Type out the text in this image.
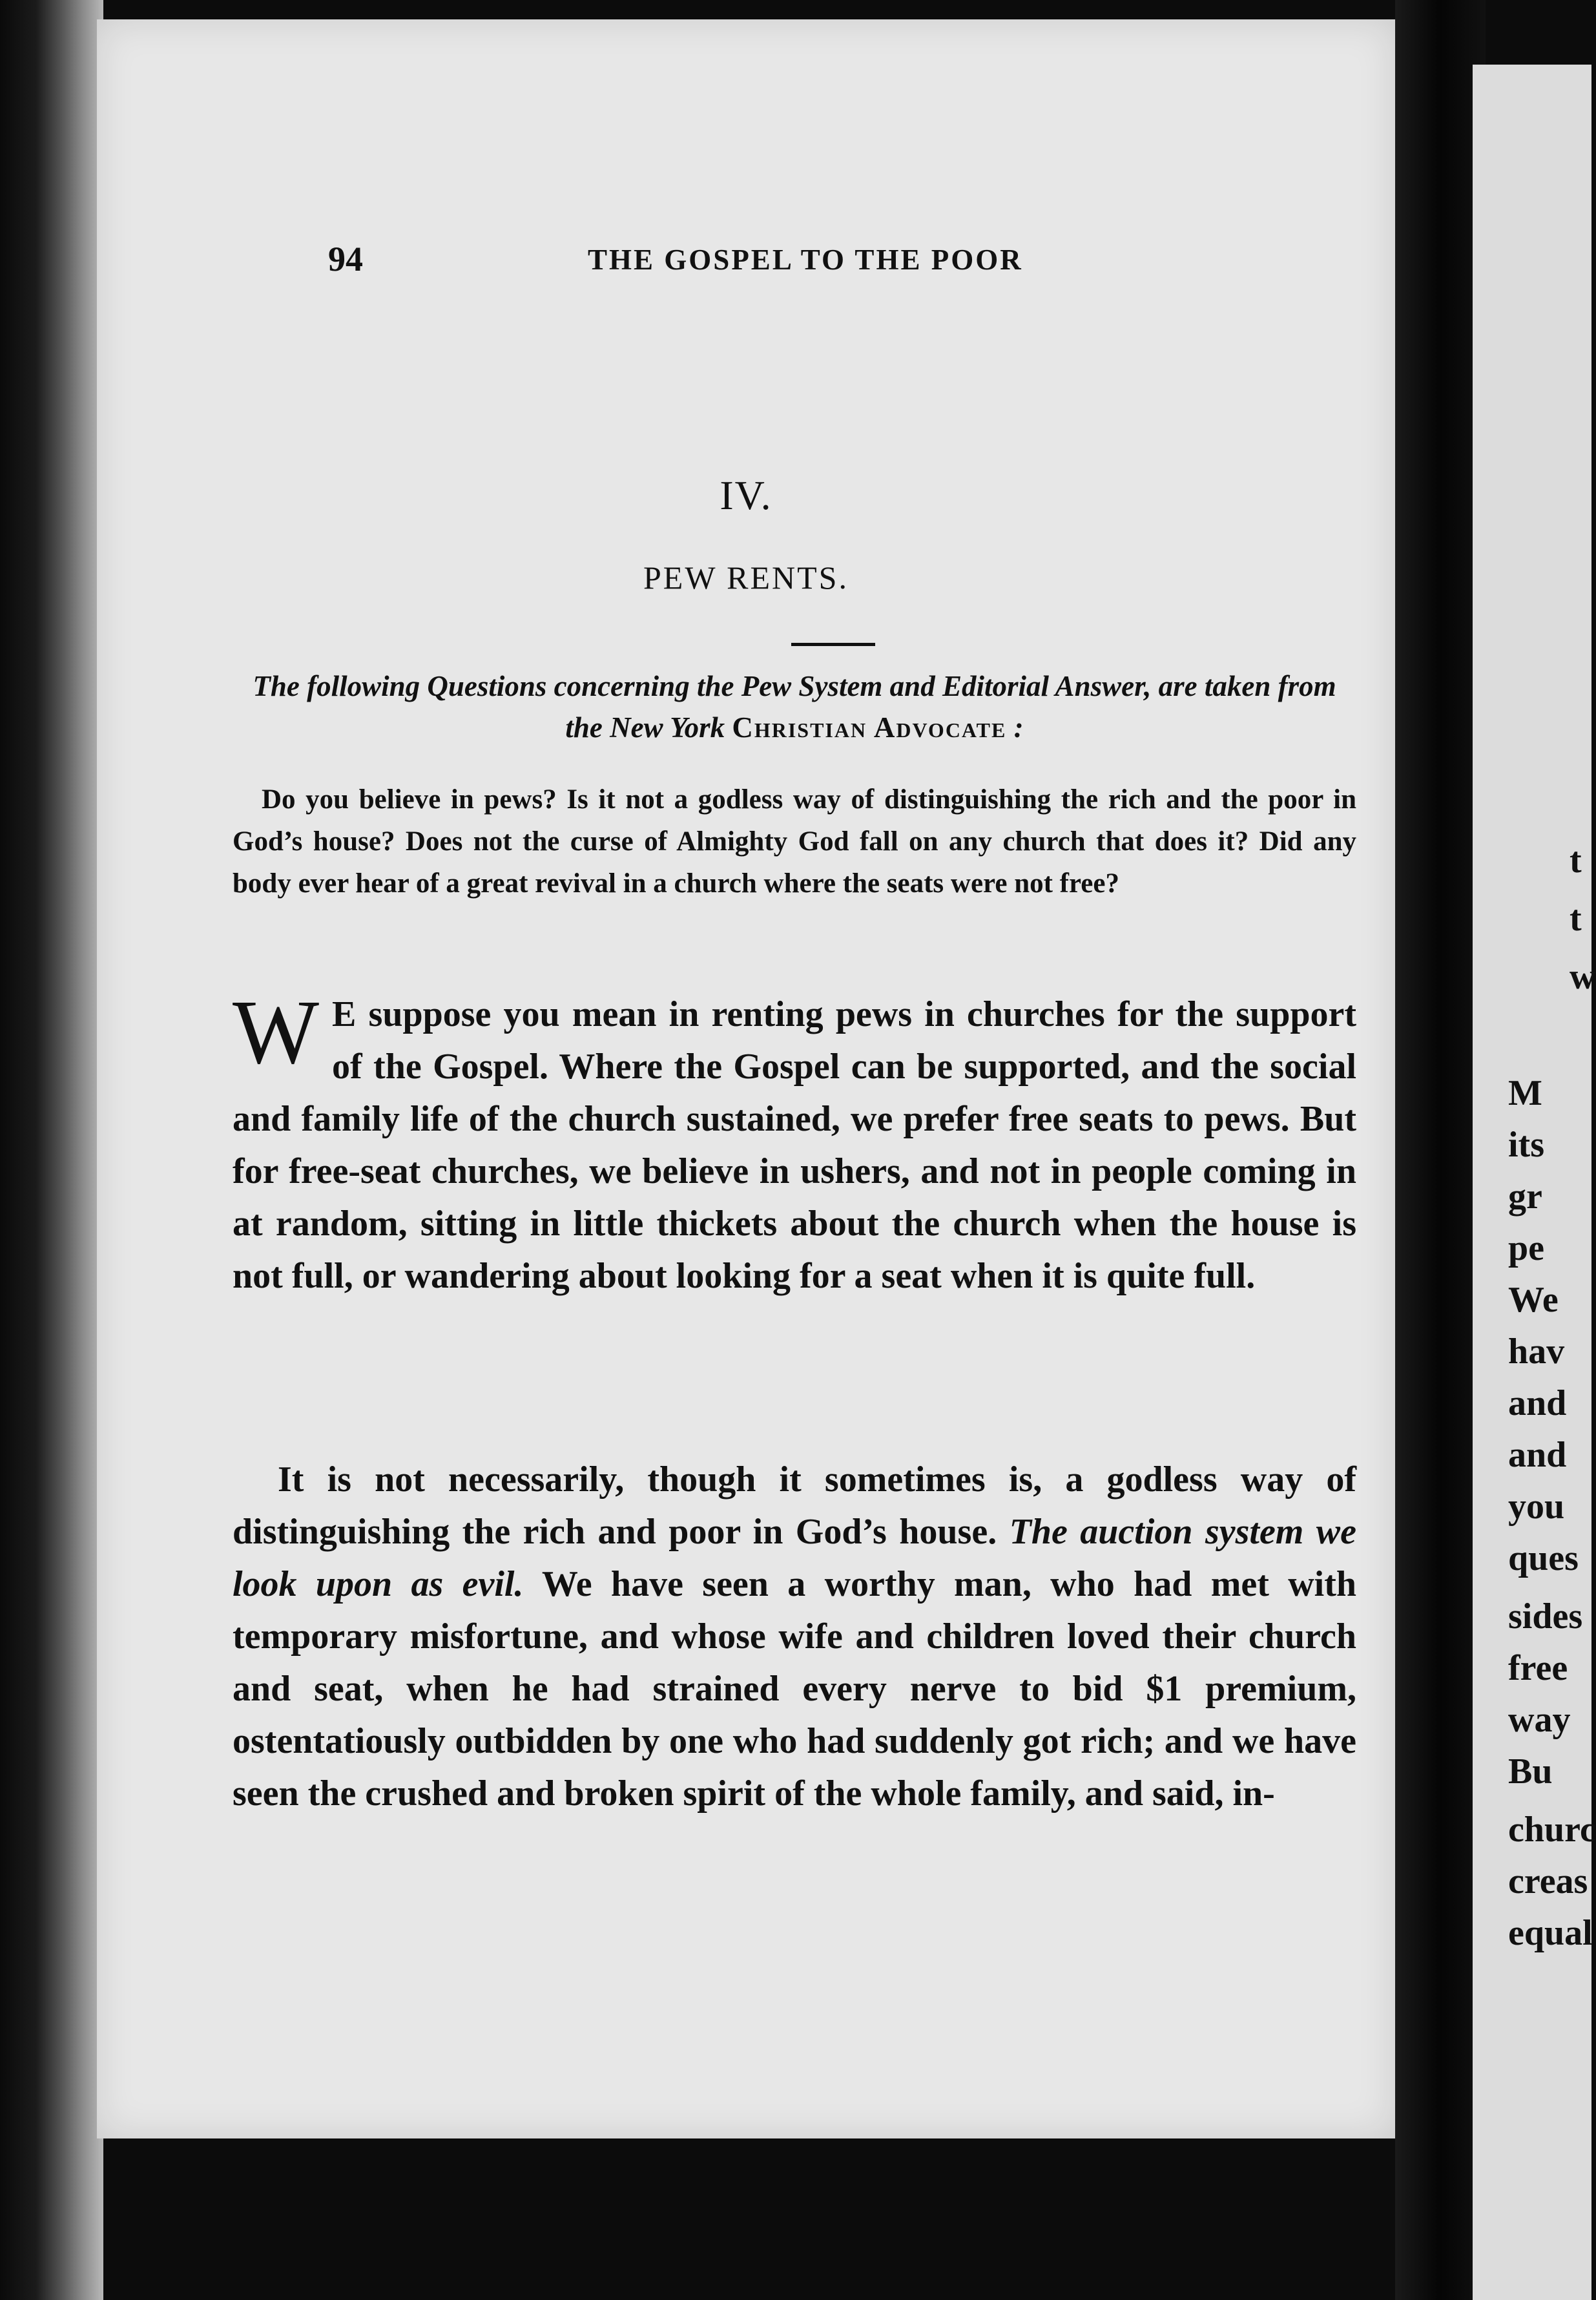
94	THE GOSPEL TO THE POOR
IV.
PEW RENTS.
The following Questions concerning the Pew System and Editorial Answer, are taken from the New York Christian Advocate :
Do you believe in pews? Is it not a godless way of distinguishing the rich and the poor in God’s house? Does not the curse of Almighty God fall on any church that does it? Did any body ever hear of a great revival in a church where the seats were not free?
W E suppose you mean in renting pews in churches for the support of the Gospel. Where the Gospel can be supported, and the social and family life of the church sustained, we prefer free seats to pews. But for free-seat churches, we believe in ushers, and not in people coming in at random, sitting in little thickets about the church when the house is not full, or wandering about looking for a seat when it is quite full.
It is not necessarily, though it sometimes is, a godless way of distinguishing the rich and poor in God’s house. The auction system we look upon as evil. We have seen a worthy man, who had met with temporary misfortune, and whose wife and children loved their church and seat, when he had strained every nerve to bid $1 premium, ostentatiously outbidden by one who had suddenly got rich; and we have seen the crushed and broken spirit of the whole family, and said, in-
t
t
w
M
its
gr
pe
We
hav
and
and
you
ques
sides
free
way
Bu
churc
creas
equal
